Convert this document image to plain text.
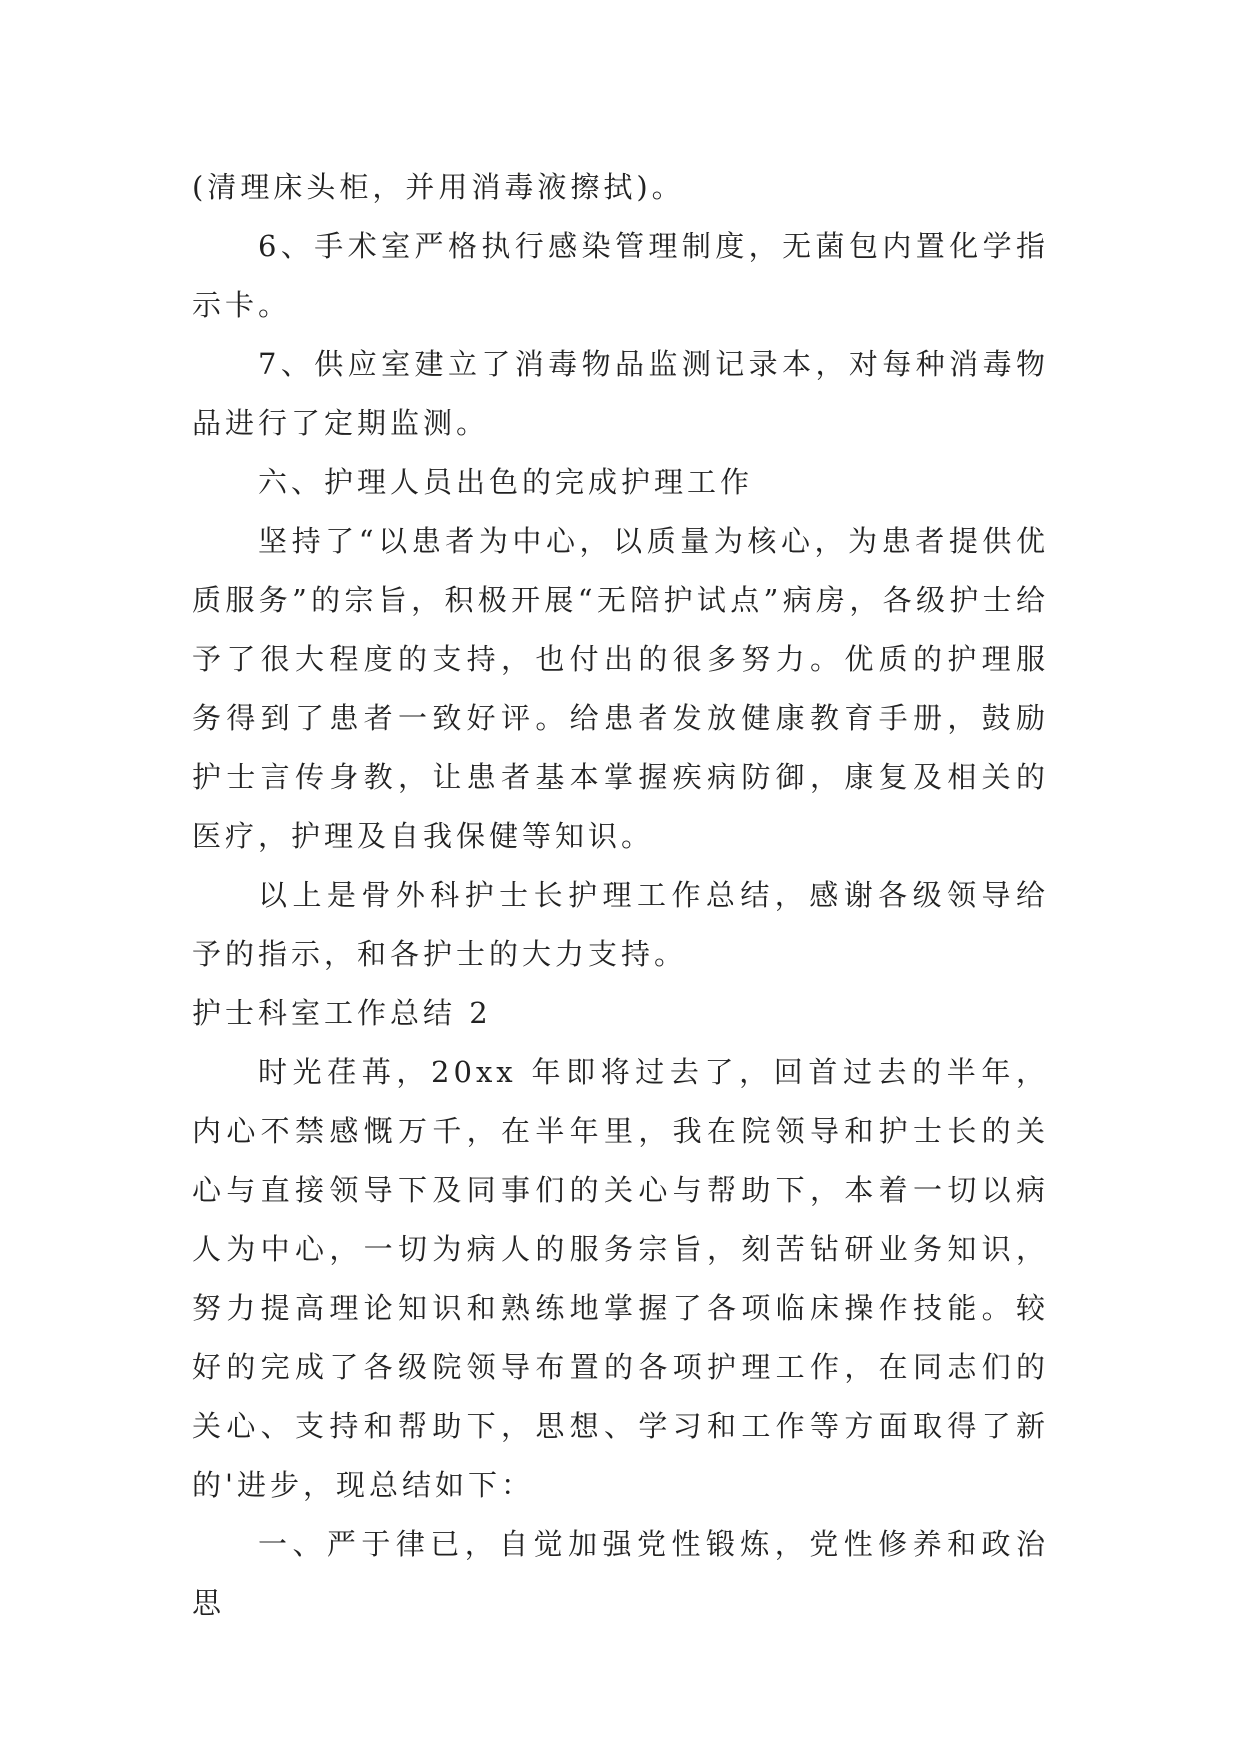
(清理床头柜，并用消毒液擦拭)。

6、手术室严格执行感染管理制度，无菌包内置化学指示卡。

7、供应室建立了消毒物品监测记录本，对每种消毒物品进行了定期监测。

六、护理人员出色的完成护理工作

坚持了“以患者为中心，以质量为核心，为患者提供优质服务”的宗旨，积极开展“无陪护试点”病房，各级护士给予了很大程度的支持，也付出的很多努力。优质的护理服务得到了患者一致好评。给患者发放健康教育手册，鼓励护士言传身教，让患者基本掌握疾病防御，康复及相关的医疗，护理及自我保健等知识。

以上是骨外科护士长护理工作总结，感谢各级领导给予的指示，和各护士的大力支持。

护士科室工作总结 2

时光荏苒，20xx 年即将过去了，回首过去的半年，内心不禁感慨万千，在半年里，我在院领导和护士长的关心与直接领导下及同事们的关心与帮助下，本着一切以病人为中心，一切为病人的服务宗旨，刻苦钻研业务知识，努力提高理论知识和熟练地掌握了各项临床操作技能。较好的完成了各级院领导布置的各项护理工作，在同志们的关心、支持和帮助下，思想、学习和工作等方面取得了新的'进步，现总结如下：

一、严于律已，自觉加强党性锻炼，党性修养和政治思
